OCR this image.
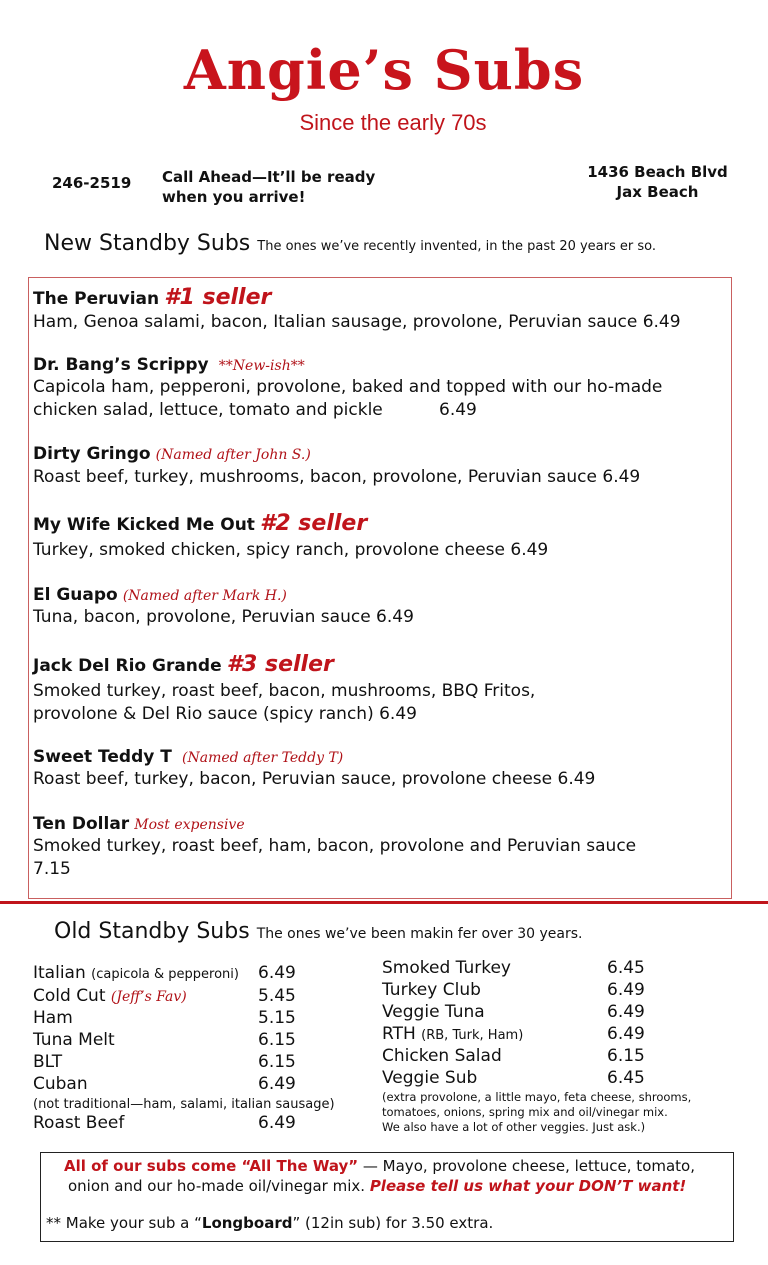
Angie’s Subs
Since the early 70s
246-2519 Call Ahead—It’ll be ready
when you arrive!
1436 Beach Blvd
Jax Beach
New Standby Subs The ones we’ve recently invented, in the past 20 years er so.
The Peruvian #1 seller
Ham, Genoa salami, bacon, Italian sausage, provolone, Peruvian sauce 6.49
Dr. Bang’s Scrippy **New-ish**
Capicola ham, pepperoni, provolone, baked and topped with our ho-made
chicken salad, lettuce, tomato and pickle	6.49
Dirty Gringo (Named after John S.)
Roast beef, turkey, mushrooms, bacon, provolone, Peruvian sauce 6.49
My Wife Kicked Me Out #2 seller
Turkey, smoked chicken, spicy ranch, provolone cheese 6.49
El Guapo (Named after Mark H.)
Tuna, bacon, provolone, Peruvian sauce 6.49
Jack Del Rio Grande #3 seller
Smoked turkey, roast beef, bacon, mushrooms, BBQ Fritos,
provolone & Del Rio sauce (spicy ranch) 6.49
Sweet Teddy T (Named after Teddy T)
Roast beef, turkey, bacon, Peruvian sauce, provolone cheese 6.49
Ten Dollar Most expensive
Smoked turkey, roast beef, ham, bacon, provolone and Peruvian sauce
7.15
Old Standby Subs The ones we’ve been makin fer over 30 years.
Italian (capicola & pepperoni) 6.49
Cold Cut (Jeff’s Fav)	5.45
Ham	5.15
Tuna Melt	6.15
BLT	6.15
Cuban	6.49
(not traditional—ham, salami, italian sausage)
Roast Beef	6.49
Smoked Turkey	6.45
Turkey Club	6.49
Veggie Tuna	6.49
RTH (RB, Turk, Ham)	6.49
Chicken Salad	6.15
Veggie Sub	6.45
(extra provolone, a little mayo, feta cheese, shrooms,
tomatoes, onions, spring mix and oil/vinegar mix.
We also have a lot of other veggies. Just ask.)
All of our subs come “All The Way” — Mayo, provolone cheese, lettuce, tomato,
onion and our ho-made oil/vinegar mix. Please tell us what your DON’T want!
** Make your sub a “Longboard” (12in sub) for 3.50 extra.
